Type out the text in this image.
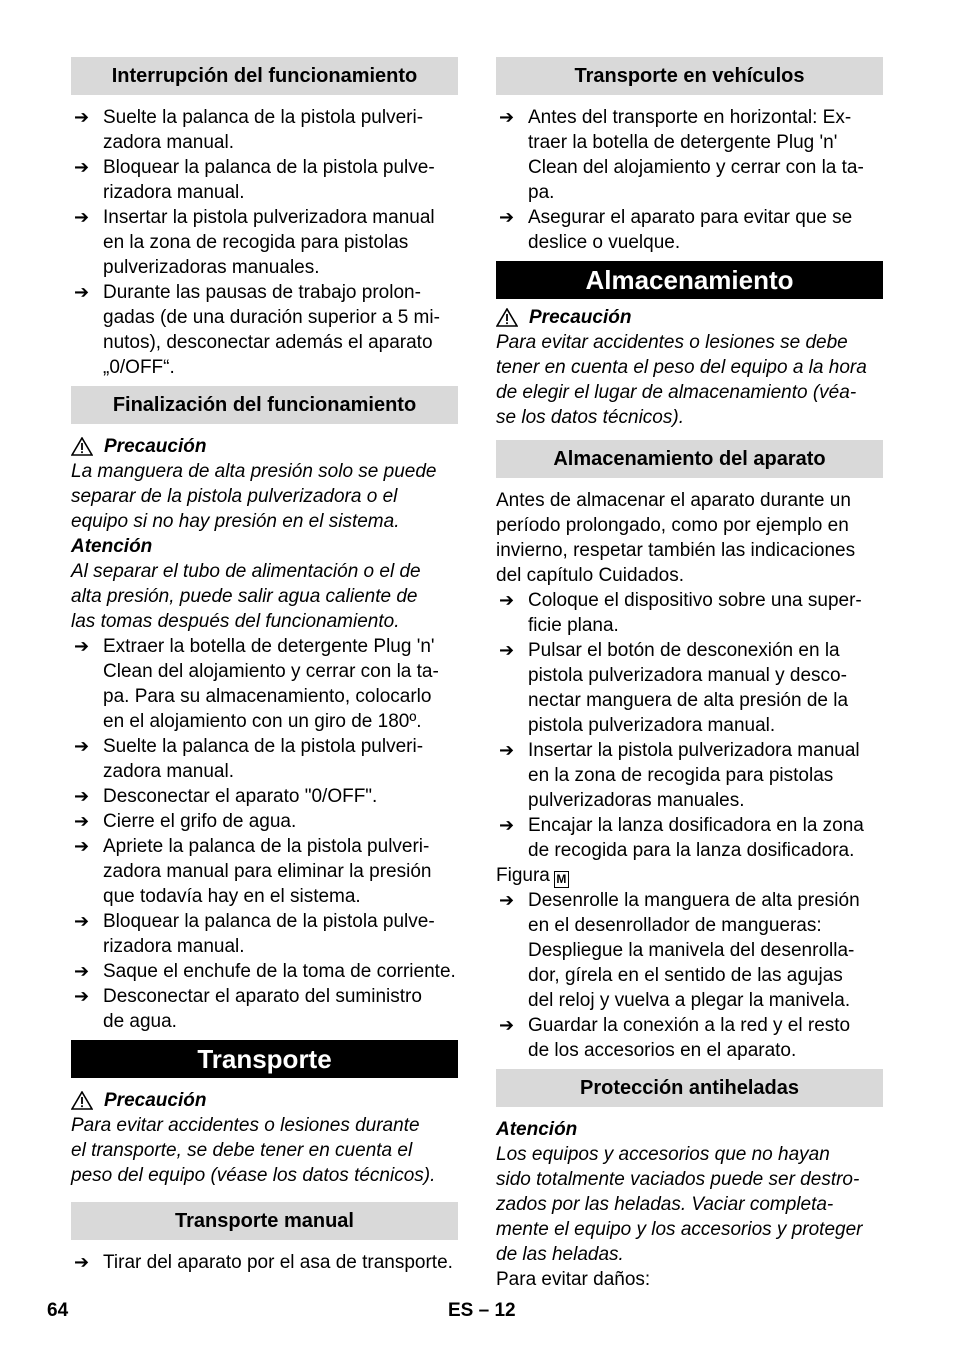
Interrupción del funcionamiento
➔ Suelte la palanca de la pistola pulveri-
zadora manual.
➔ Bloquear la palanca de la pistola pulve-
rizadora manual.
➔ Insertar la pistola pulverizadora manual
en la zona de recogida para pistolas
pulverizadoras manuales.
➔ Durante las pausas de trabajo prolon-
gadas (de una duración superior a 5 mi-
nutos), desconectar además el aparato
„0/OFF“.
Finalización del funcionamiento
Precaución
La manguera de alta presión solo se puede
separar de la pistola pulverizadora o el
equipo si no hay presión en el sistema.
Atención
Al separar el tubo de alimentación o el de
alta presión, puede salir agua caliente de
las tomas después del funcionamiento.
➔ Extraer la botella de detergente Plug 'n'
Clean del alojamiento y cerrar con la ta-
pa. Para su almacenamiento, colocarlo
en el alojamiento con un giro de 180º.
➔ Suelte la palanca de la pistola pulveri-
zadora manual.
➔ Desconectar el aparato "0/OFF".
➔ Cierre el grifo de agua.
➔ Apriete la palanca de la pistola pulveri-
zadora manual para eliminar la presión
que todavía hay en el sistema.
➔ Bloquear la palanca de la pistola pulve-
rizadora manual.
➔ Saque el enchufe de la toma de corriente.
➔ Desconectar el aparato del suministro
de agua.
Transporte
Precaución
Para evitar accidentes o lesiones durante
el transporte, se debe tener en cuenta el
peso del equipo (véase los datos técnicos).
Transporte manual
➔ Tirar del aparato por el asa de transporte.
Transporte en vehículos
➔ Antes del transporte en horizontal: Ex-
traer la botella de detergente Plug 'n'
Clean del alojamiento y cerrar con la ta-
pa.
➔ Asegurar el aparato para evitar que se
deslice o vuelque.
Almacenamiento
Precaución
Para evitar accidentes o lesiones se debe
tener en cuenta el peso del equipo a la hora
de elegir el lugar de almacenamiento (véa-
se los datos técnicos).
Almacenamiento del aparato
Antes de almacenar el aparato durante un
período prolongado, como por ejemplo en
invierno, respetar también las indicaciones
del capítulo Cuidados.
➔ Coloque el dispositivo sobre una super-
ficie plana.
➔ Pulsar el botón de desconexión en la
pistola pulverizadora manual y desco-
nectar manguera de alta presión de la
pistola pulverizadora manual.
➔ Insertar la pistola pulverizadora manual
en la zona de recogida para pistolas
pulverizadoras manuales.
➔ Encajar la lanza dosificadora en la zona
de recogida para la lanza dosificadora.
Figura M
➔ Desenrolle la manguera de alta presión
en el desenrollador de mangueras:
Despliegue la manivela del desenrolla-
dor, gírela en el sentido de las agujas
del reloj y vuelva a plegar la manivela.
➔ Guardar la conexión a la red y el resto
de los accesorios en el aparato.
Protección antiheladas
Atención
Los equipos y accesorios que no hayan
sido totalmente vaciados puede ser destro-
zados por las heladas. Vaciar completa-
mente el equipo y los accesorios y proteger
de las heladas.
Para evitar daños:
64	ES – 12
